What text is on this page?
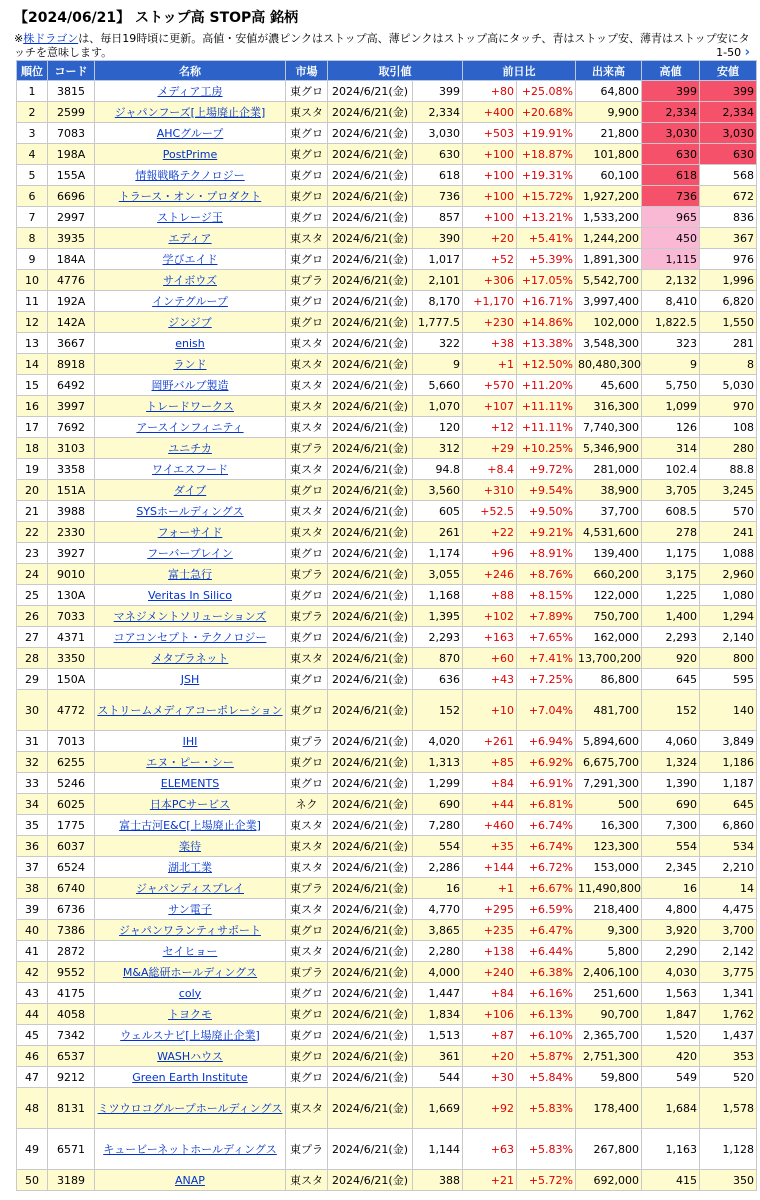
【2024/06/21】 ストップ高 STOP高 銘柄
※株ドラゴンは、毎日19時頃に更新。高値・安値が濃ピンクはストップ高、薄ピンクはストップ高にタッチ、青はストップ安、薄青はストップ安にタッチを意味します。	1-50 ›
順位	コード	名称	市場	取引値		前日比		出来高	高値	安値
1	3815	メディア工房	東グロ	2024/6/21(金)	399	+80	+25.08%	64,800	399	399
2	2599	ジャパンフーズ[上場廃止企業]	東スタ	2024/6/21(金)	2,334	+400	+20.68%	9,900	2,334	2,334
3	7083	AHCグループ	東グロ	2024/6/21(金)	3,030	+503	+19.91%	21,800	3,030	3,030
4	198A	PostPrime	東グロ	2024/6/21(金)	630	+100	+18.87%	101,800	630	630
5	155A	情報戦略テクノロジー	東グロ	2024/6/21(金)	618	+100	+19.31%	60,100	618	568
6	6696	トラース・オン・プロダクト	東グロ	2024/6/21(金)	736	+100	+15.72%	1,927,200	736	672
7	2997	ストレージ王	東グロ	2024/6/21(金)	857	+100	+13.21%	1,533,200	965	836
8	3935	エディア	東スタ	2024/6/21(金)	390	+20	+5.41%	1,244,200	450	367
9	184A	学びエイド	東グロ	2024/6/21(金)	1,017	+52	+5.39%	1,891,300	1,115	976
10	4776	サイボウズ	東プラ	2024/6/21(金)	2,101	+306	+17.05%	5,542,700	2,132	1,996
11	192A	インテグループ	東グロ	2024/6/21(金)	8,170	+1,170	+16.71%	3,997,400	8,410	6,820
12	142A	ジンジブ	東グロ	2024/6/21(金)	1,777.5	+230	+14.86%	102,000	1,822.5	1,550
13	3667	enish	東スタ	2024/6/21(金)	322	+38	+13.38%	3,548,300	323	281
14	8918	ランド	東スタ	2024/6/21(金)	9	+1	+12.50%	80,480,300	9	8
15	6492	岡野バルブ製造	東スタ	2024/6/21(金)	5,660	+570	+11.20%	45,600	5,750	5,030
16	3997	トレードワークス	東スタ	2024/6/21(金)	1,070	+107	+11.11%	316,300	1,099	970
17	7692	アースインフィニティ	東スタ	2024/6/21(金)	120	+12	+11.11%	7,740,300	126	108
18	3103	ユニチカ	東プラ	2024/6/21(金)	312	+29	+10.25%	5,346,900	314	280
19	3358	ワイエスフード	東スタ	2024/6/21(金)	94.8	+8.4	+9.72%	281,000	102.4	88.8
20	151A	ダイブ	東グロ	2024/6/21(金)	3,560	+310	+9.54%	38,900	3,705	3,245
21	3988	SYSホールディングス	東スタ	2024/6/21(金)	605	+52.5	+9.50%	37,700	608.5	570
22	2330	フォーサイド	東スタ	2024/6/21(金)	261	+22	+9.21%	4,531,600	278	241
23	3927	フーバーブレイン	東グロ	2024/6/21(金)	1,174	+96	+8.91%	139,400	1,175	1,088
24	9010	富士急行	東プラ	2024/6/21(金)	3,055	+246	+8.76%	660,200	3,175	2,960
25	130A	Veritas In Silico	東グロ	2024/6/21(金)	1,168	+88	+8.15%	122,000	1,225	1,080
26	7033	マネジメントソリューションズ	東プラ	2024/6/21(金)	1,395	+102	+7.89%	750,700	1,400	1,294
27	4371	コアコンセプト・テクノロジー	東グロ	2024/6/21(金)	2,293	+163	+7.65%	162,000	2,293	2,140
28	3350	メタプラネット	東スタ	2024/6/21(金)	870	+60	+7.41%	13,700,200	920	800
29	150A	JSH	東グロ	2024/6/21(金)	636	+43	+7.25%	86,800	645	595
30	4772	ストリームメディアコーポレーション	東グロ	2024/6/21(金)	152	+10	+7.04%	481,700	152	140
31	7013	IHI	東プラ	2024/6/21(金)	4,020	+261	+6.94%	5,894,600	4,060	3,849
32	6255	エヌ・ピー・シー	東グロ	2024/6/21(金)	1,313	+85	+6.92%	6,675,700	1,324	1,186
33	5246	ELEMENTS	東グロ	2024/6/21(金)	1,299	+84	+6.91%	7,291,300	1,390	1,187
34	6025	日本PCサービス	ネク	2024/6/21(金)	690	+44	+6.81%	500	690	645
35	1775	富士古河E&C[上場廃止企業]	東スタ	2024/6/21(金)	7,280	+460	+6.74%	16,300	7,300	6,860
36	6037	楽待	東スタ	2024/6/21(金)	554	+35	+6.74%	123,300	554	534
37	6524	湖北工業	東スタ	2024/6/21(金)	2,286	+144	+6.72%	153,000	2,345	2,210
38	6740	ジャパンディスプレイ	東プラ	2024/6/21(金)	16	+1	+6.67%	11,490,800	16	14
39	6736	サン電子	東スタ	2024/6/21(金)	4,770	+295	+6.59%	218,400	4,800	4,475
40	7386	ジャパンワランティサポート	東グロ	2024/6/21(金)	3,865	+235	+6.47%	9,300	3,920	3,700
41	2872	セイヒョー	東スタ	2024/6/21(金)	2,280	+138	+6.44%	5,800	2,290	2,142
42	9552	M&A総研ホールディングス	東プラ	2024/6/21(金)	4,000	+240	+6.38%	2,406,100	4,030	3,775
43	4175	coly	東グロ	2024/6/21(金)	1,447	+84	+6.16%	251,600	1,563	1,341
44	4058	トヨクモ	東グロ	2024/6/21(金)	1,834	+106	+6.13%	90,700	1,847	1,762
45	7342	ウェルスナビ[上場廃止企業]	東グロ	2024/6/21(金)	1,513	+87	+6.10%	2,365,700	1,520	1,437
46	6537	WASHハウス	東グロ	2024/6/21(金)	361	+20	+5.87%	2,751,300	420	353
47	9212	Green Earth Institute	東グロ	2024/6/21(金)	544	+30	+5.84%	59,800	549	520
48	8131	ミツウロコグループホールディングス	東スタ	2024/6/21(金)	1,669	+92	+5.83%	178,400	1,684	1,578
49	6571	キュービーネットホールディングス	東プラ	2024/6/21(金)	1,144	+63	+5.83%	267,800	1,163	1,128
50	3189	ANAP	東スタ	2024/6/21(金)	388	+21	+5.72%	692,000	415	350
